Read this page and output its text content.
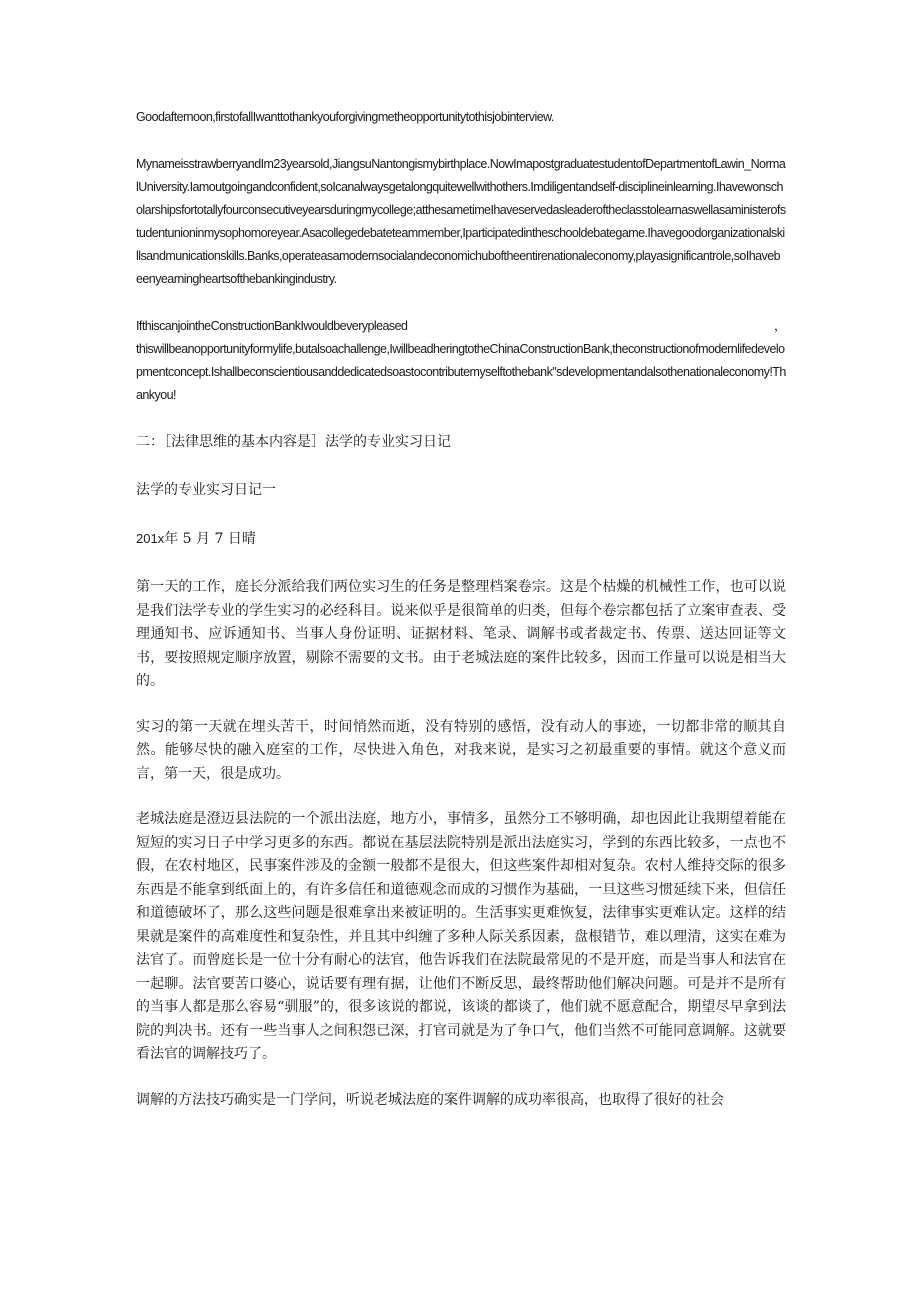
Goodafternoon,firstofallIwanttothankyouforgivingmetheopportunitytothisjobinterview.

MynameisstrawberryandIm23yearsold,JiangsuNantongismybirthplace.NowImapostgraduatestudentofDepartmentofLawin_NormalUniversity.Iamoutgoingandconfident,soIcanalwaysgetalongquitewellwithothers.Imdiligentandself-disciplineinlearning.Ihavewonscholarshipsfortotallyfourconsecutiveyearsduringmycollege;atthesametimeIhaveservedasleaderoftheclasstolearnaswellasaministerofstudentunioninmysophomoreyear.Asacollegedebateteammember,Iparticipatedintheschooldebategame.Ihavegoodorganizationalskillsandmunicationskills.Banks,operateasamodernsocialandeconomichuboftheentirenationaleconomy,playasignificantrole,soIhavebeenyearningheartsofthebankingindustry.

IfthiscanjointheConstructionBankIwouldbeverypleased	，
thiswillbeanopportunityformylife,butalsoachallenge,IwillbeadheringtotheChinaConstructionBank,theconstructionofmodernlifedevelopmentconcept.Ishallbeconscientiousanddedicatedsoastocontributemyselftothebank"sdevelopmentandalsothenationaleconomy!Thankyou!

二：［法律思维的基本内容是］法学的专业实习日记

法学的专业实习日记一

201x年 5 月 7 日晴

第一天的工作，庭长分派给我们两位实习生的任务是整理档案卷宗。这是个枯燥的机械性工作，也可以说是我们法学专业的学生实习的必经科目。说来似乎是很简单的归类，但每个卷宗都包括了立案审查表、受理通知书、应诉通知书、当事人身份证明、证据材料、笔录、调解书或者裁定书、传票、送达回证等文书，要按照规定顺序放置，剔除不需要的文书。由于老城法庭的案件比较多，因而工作量可以说是相当大的。

实习的第一天就在埋头苦干，时间悄然而逝，没有特别的感悟，没有动人的事迹，一切都非常的顺其自然。能够尽快的融入庭室的工作，尽快进入角色，对我来说，是实习之初最重要的事情。就这个意义而言，第一天，很是成功。

老城法庭是澄迈县法院的一个派出法庭，地方小，事情多，虽然分工不够明确，却也因此让我期望着能在短短的实习日子中学习更多的东西。都说在基层法院特别是派出法庭实习，学到的东西比较多，一点也不假，在农村地区，民事案件涉及的金额一般都不是很大，但这些案件却相对复杂。农村人维持交际的很多东西是不能拿到纸面上的，有许多信任和道德观念而成的习惯作为基础，一旦这些习惯延续下来，但信任和道德破坏了，那么这些问题是很难拿出来被证明的。生活事实更难恢复，法律事实更难认定。这样的结果就是案件的高难度性和复杂性，并且其中纠缠了多种人际关系因素，盘根错节，难以理清，这实在难为法官了。而曾庭长是一位十分有耐心的法官，他告诉我们在法院最常见的不是开庭，而是当事人和法官在一起聊。法官要苦口婆心，说话要有理有据，让他们不断反思，最终帮助他们解决问题。可是并不是所有的当事人都是那么容易“驯服”的，很多该说的都说，该谈的都谈了，他们就不愿意配合，期望尽早拿到法院的判决书。还有一些当事人之间积怨已深，打官司就是为了争口气，他们当然不可能同意调解。这就要看法官的调解技巧了。

调解的方法技巧确实是一门学问，听说老城法庭的案件调解的成功率很高，也取得了很好的社会
